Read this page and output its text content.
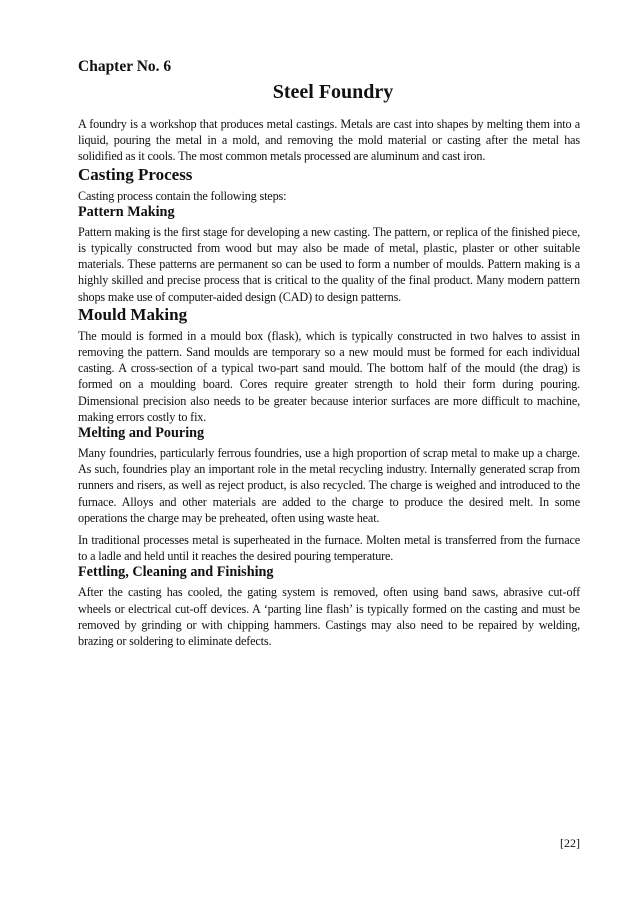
Chapter No. 6
Steel Foundry

A foundry is a workshop that produces metal castings. Metals are cast into shapes by melting them into a liquid, pouring the metal in a mold, and removing the mold material or casting after the metal has solidified as it cools. The most common metals processed are aluminum and cast iron.

Casting Process

Casting process contain the following steps:

Pattern Making

Pattern making is the first stage for developing a new casting. The pattern, or replica of the finished piece, is typically constructed from wood but may also be made of metal, plastic, plaster or other suitable materials. These patterns are permanent so can be used to form a number of moulds. Pattern making is a highly skilled and precise process that is critical to the quality of the final product. Many modern pattern shops make use of computer-aided design (CAD) to design patterns.

Mould Making

The mould is formed in a mould box (flask), which is typically constructed in two halves to assist in removing the pattern. Sand moulds are temporary so a new mould must be formed for each individual casting. A cross-section of a typical two-part sand mould. The bottom half of the mould (the drag) is formed on a moulding board. Cores require greater strength to hold their form during pouring. Dimensional precision also needs to be greater because interior surfaces are more difficult to machine, making errors costly to fix.

Melting and Pouring

Many foundries, particularly ferrous foundries, use a high proportion of scrap metal to make up a charge. As such, foundries play an important role in the metal recycling industry. Internally generated scrap from runners and risers, as well as reject product, is also recycled. The charge is weighed and introduced to the furnace. Alloys and other materials are added to the charge to produce the desired melt. In some operations the charge may be preheated, often using waste heat.

In traditional processes metal is superheated in the furnace. Molten metal is transferred from the furnace to a ladle and held until it reaches the desired pouring temperature.

Fettling, Cleaning and Finishing

After the casting has cooled, the gating system is removed, often using band saws, abrasive cut-off wheels or electrical cut-off devices. A ‘parting line flash’ is typically formed on the casting and must be removed by grinding or with chipping hammers. Castings may also need to be repaired by welding, brazing or soldering to eliminate defects.

[22]
